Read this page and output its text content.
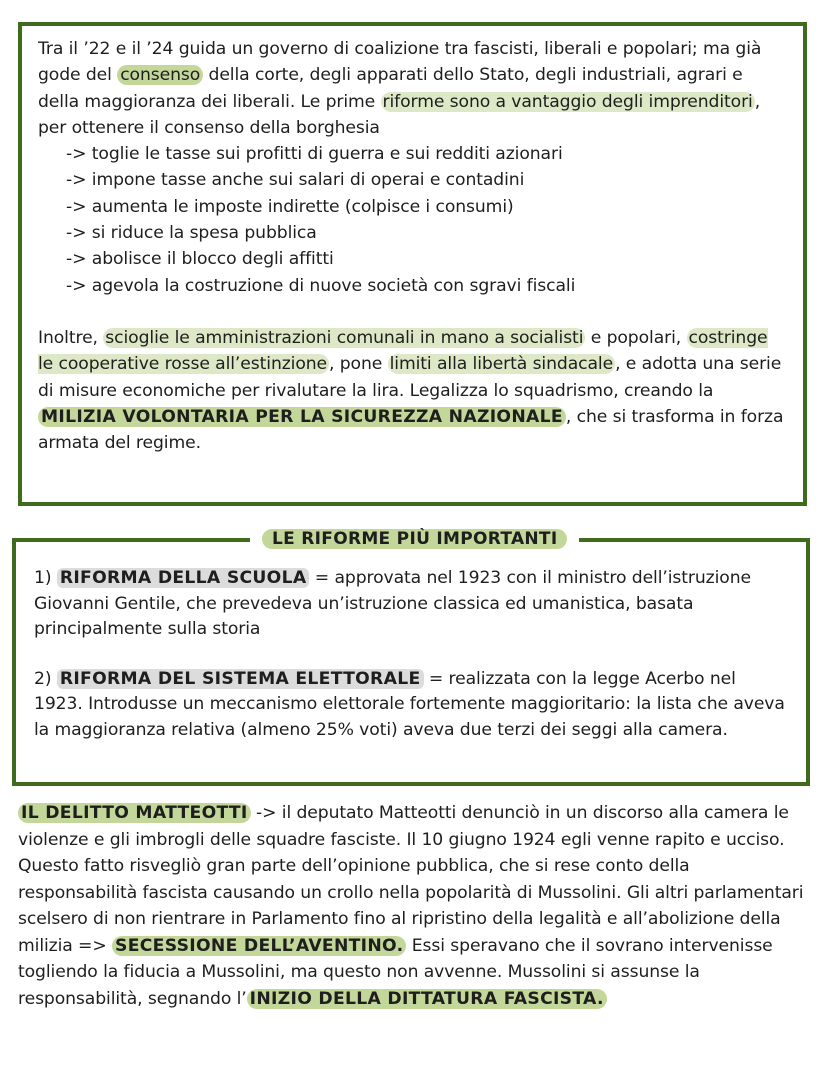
Tra il ’22 e il ’24 guida un governo di coalizione tra fascisti, liberali e popolari; ma già gode del consenso della corte, degli apparati dello Stato, degli industriali, agrari e della maggioranza dei liberali. Le prime riforme sono a vantaggio degli imprenditori , per ottenere il consenso della borghesia

-> toglie le tasse sui profitti di guerra e sui redditi azionari
-> impone tasse anche sui salari di operai e contadini
-> aumenta le imposte indirette (colpisce i consumi)
-> si riduce la spesa pubblica
-> abolisce il blocco degli affitti
-> agevola la costruzione di nuove società con sgravi fiscali

Inoltre, scioglie le amministrazioni comunali in mano a socialisti e popolari, costringe le cooperative rosse all’estinzione , pone limiti alla libertà sindacale , e adotta una serie di misure economiche per rivalutare la lira. Legalizza lo squadrismo, creando la MILIZIA VOLONTARIA PER LA SICUREZZA NAZIONALE , che si trasforma in forza armata del regime.

LE RIFORME PIÙ IMPORTANTI

1) RIFORMA DELLA SCUOLA = approvata nel 1923 con il ministro dell’istruzione Giovanni Gentile, che prevedeva un’istruzione classica ed umanistica, basata principalmente sulla storia

2) RIFORMA DEL SISTEMA ELETTORALE = realizzata con la legge Acerbo nel 1923. Introdusse un meccanismo elettorale fortemente maggioritario: la lista che aveva la maggioranza relativa (almeno 25% voti) aveva due terzi dei seggi alla camera.

IL DELITTO MATTEOTTI -> il deputato Matteotti denunciò in un discorso alla camera le violenze e gli imbrogli delle squadre fasciste. Il 10 giugno 1924 egli venne rapito e ucciso. Questo fatto risvegliò gran parte dell’opinione pubblica, che si rese conto della responsabilità fascista causando un crollo nella popolarità di Mussolini. Gli altri parlamentari scelsero di non rientrare in Parlamento fino al ripristino della legalità e all’abolizione della milizia => SECESSIONE DELL’AVENTINO. Essi speravano che il sovrano intervenisse togliendo la fiducia a Mussolini, ma questo non avvenne. Mussolini si assunse la responsabilità, segnando l’ INIZIO DELLA DITTATURA FASCISTA.
